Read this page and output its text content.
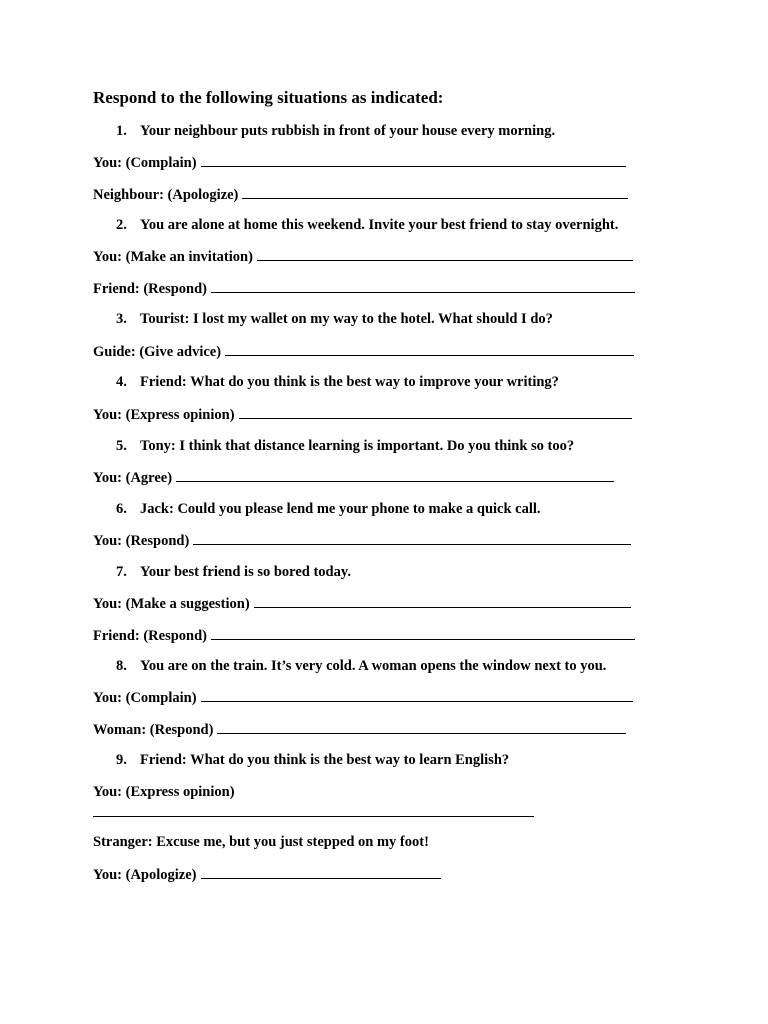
Respond to the following situations as indicated:
1. Your neighbour puts rubbish in front of your house every morning.
You: (Complain)
Neighbour: (Apologize)
2. You are alone at home this weekend. Invite your best friend to stay overnight.
You: (Make an invitation)
Friend: (Respond)
3. Tourist: I lost my wallet on my way to the hotel. What should I do?
Guide: (Give advice)
4. Friend: What do you think is the best way to improve your writing?
You: (Express opinion)
5. Tony: I think that distance learning is important. Do you think so too?
You: (Agree)
6. Jack: Could you please lend me your phone to make a quick call.
You: (Respond)
7. Your best friend is so bored today.
You: (Make a suggestion)
Friend: (Respond)
8. You are on the train. It’s very cold. A woman opens the window next to you.
You: (Complain)
Woman: (Respond)
9. Friend: What do you think is the best way to learn English?
You: (Express opinion)
Stranger: Excuse me, but you just stepped on my foot!
You: (Apologize)
